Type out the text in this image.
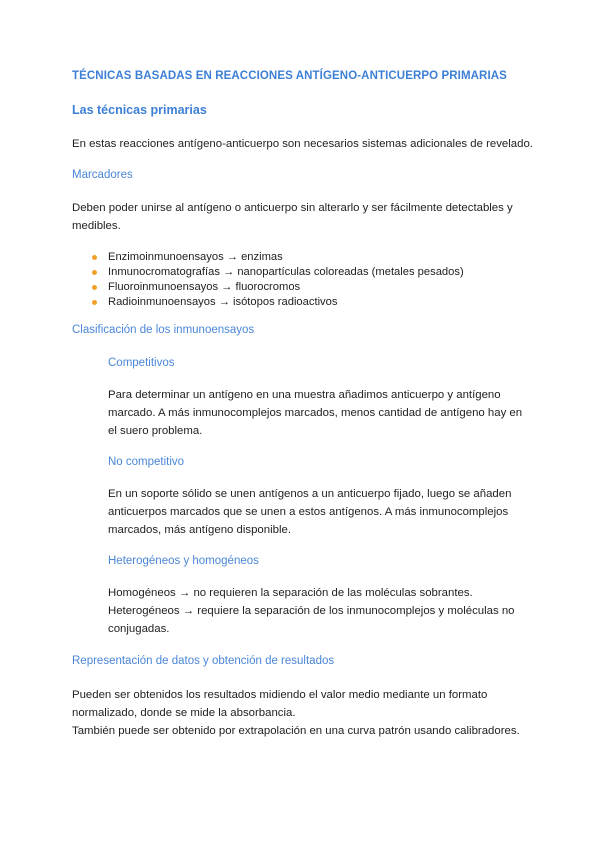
TÉCNICAS BASADAS EN REACCIONES ANTÍGENO-ANTICUERPO PRIMARIAS

Las técnicas primarias

En estas reacciones antígeno-anticuerpo son necesarios sistemas adicionales de revelado.

Marcadores

Deben poder unirse al antígeno o anticuerpo sin alterarlo y ser fácilmente detectables y medibles.

Enzimoinmunoensayos → enzimas
Inmunocromatografías → nanopartículas coloreadas (metales pesados)
Fluoroinmunoensayos → fluorocromos
Radioinmunoensayos → isótopos radioactivos

Clasificación de los inmunoensayos

Competitivos

Para determinar un antígeno en una muestra añadimos anticuerpo y antígeno marcado. A más inmunocomplejos marcados, menos cantidad de antígeno hay en el suero problema.

No competitivo

En un soporte sólido se unen antígenos a un anticuerpo fijado, luego se añaden anticuerpos marcados que se unen a estos antígenos. A más inmunocomplejos marcados, más antígeno disponible.

Heterogéneos y homogéneos

Homogéneos → no requieren la separación de las moléculas sobrantes.

Heterogéneos → requiere la separación de los inmunocomplejos y moléculas no conjugadas.

Representación de datos y obtención de resultados

Pueden ser obtenidos los resultados midiendo el valor medio mediante un formato normalizado, donde se mide la absorbancia.

También puede ser obtenido por extrapolación en una curva patrón usando calibradores.
